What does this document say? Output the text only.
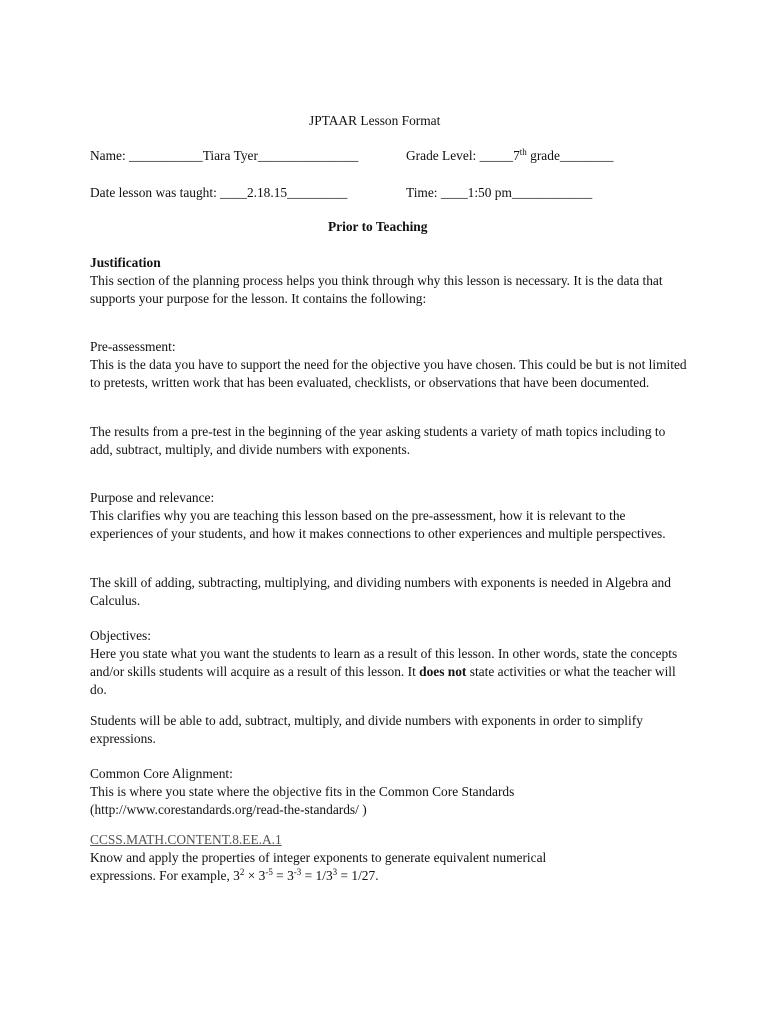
JPTAAR Lesson Format
Name: ___________Tiara Tyer_______________	Grade Level: _____7th grade________
Date lesson was taught: ____2.18.15_________	Time: ____1:50 pm____________
Prior to Teaching

Justification

This section of the planning process helps you think through why this lesson is necessary. It is the data that supports your purpose for the lesson. It contains the following:

Pre-assessment:

This is the data you have to support the need for the objective you have chosen. This could be but is not limited to pretests, written work that has been evaluated, checklists, or observations that have been documented.

The results from a pre-test in the beginning of the year asking students a variety of math topics including to add, subtract, multiply, and divide numbers with exponents.

Purpose and relevance:

This clarifies why you are teaching this lesson based on the pre-assessment, how it is relevant to the experiences of your students, and how it makes connections to other experiences and multiple perspectives.

The skill of adding, subtracting, multiplying, and dividing numbers with exponents is needed in Algebra and Calculus.

Objectives:

Here you state what you want the students to learn as a result of this lesson. In other words, state the concepts and/or skills students will acquire as a result of this lesson. It does not state activities or what the teacher will do.

Students will be able to add, subtract, multiply, and divide numbers with exponents in order to simplify expressions.

Common Core Alignment:

This is where you state where the objective fits in the Common Core Standards

(http://www.corestandards.org/read-the-standards/ )

CCSS.MATH.CONTENT.8.EE.A.1

Know and apply the properties of integer exponents to generate equivalent numerical

expressions. For example, $3^2 \times 3^{-5} = 3^{-3} = 1/3^3 = 1/27$.
